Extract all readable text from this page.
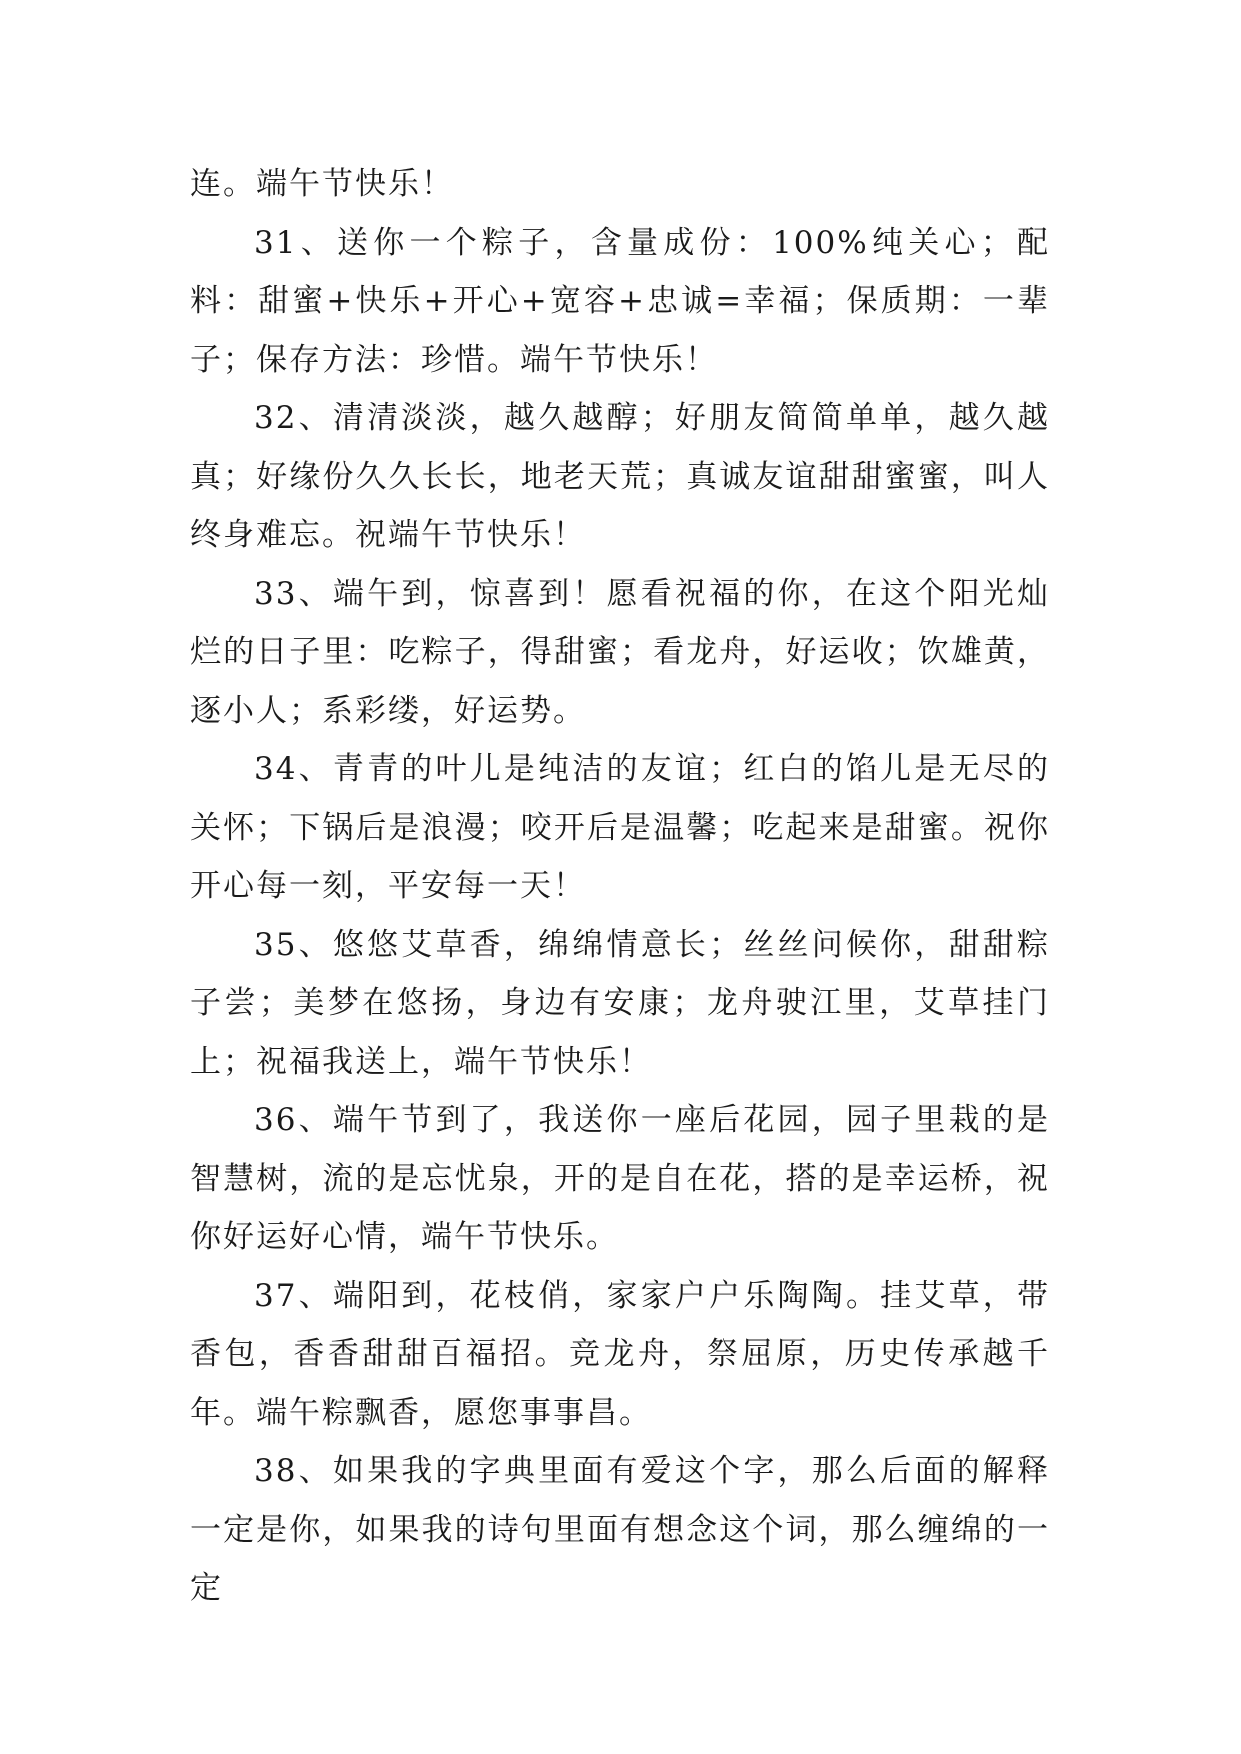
连。端午节快乐！

31、送你一个粽子，含量成份：100%纯关心；配料：甜蜜+快乐+开心+宽容+忠诚=幸福；保质期：一辈子；保存方法：珍惜。端午节快乐！

32、清清淡淡，越久越醇；好朋友简简单单，越久越真；好缘份久久长长，地老天荒；真诚友谊甜甜蜜蜜，叫人终身难忘。祝端午节快乐！

33、端午到，惊喜到！愿看祝福的你，在这个阳光灿烂的日子里：吃粽子，得甜蜜；看龙舟，好运收；饮雄黄，逐小人；系彩缕，好运势。

34、青青的叶儿是纯洁的友谊；红白的馅儿是无尽的关怀；下锅后是浪漫；咬开后是温馨；吃起来是甜蜜。祝你开心每一刻，平安每一天！

35、悠悠艾草香，绵绵情意长；丝丝问候你，甜甜粽子尝；美梦在悠扬，身边有安康；龙舟驶江里，艾草挂门上；祝福我送上，端午节快乐！

36、端午节到了，我送你一座后花园，园子里栽的是智慧树，流的是忘忧泉，开的是自在花，搭的是幸运桥，祝你好运好心情，端午节快乐。

37、端阳到，花枝俏，家家户户乐陶陶。挂艾草，带香包，香香甜甜百福招。竞龙舟，祭屈原，历史传承越千年。端午粽飘香，愿您事事昌。

38、如果我的字典里面有爱这个字，那么后面的解释一定是你，如果我的诗句里面有想念这个词，那么缠绵的一定
